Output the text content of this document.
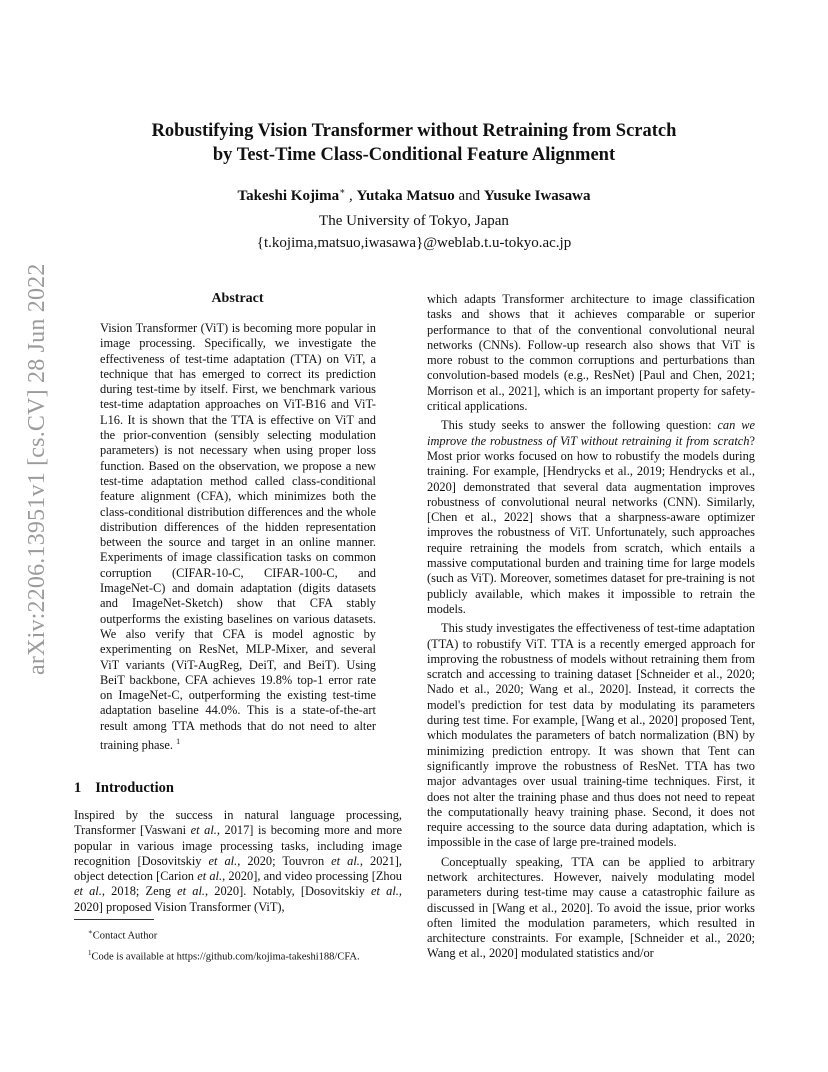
arXiv:2206.13951v1 [cs.CV] 28 Jun 2022
Robustifying Vision Transformer without Retraining from Scratch
by Test-Time Class-Conditional Feature Alignment
Takeshi Kojima∗ , Yutaka Matsuo and Yusuke Iwasawa
The University of Tokyo, Japan
{t.kojima,matsuo,iwasawa}@weblab.t.u-tokyo.ac.jp
Abstract

Vision Transformer (ViT) is becoming more popular in image processing. Specifically, we investigate the effectiveness of test-time adaptation (TTA) on ViT, a technique that has emerged to correct its prediction during test-time by itself. First, we benchmark various test-time adaptation approaches on ViT-B16 and ViT-L16. It is shown that the TTA is effective on ViT and the prior-convention (sensibly selecting modulation parameters) is not necessary when using proper loss function. Based on the observation, we propose a new test-time adaptation method called class-conditional feature alignment (CFA), which minimizes both the class-conditional distribution differences and the whole distribution differences of the hidden representation between the source and target in an online manner. Experiments of image classification tasks on common corruption (CIFAR-10-C, CIFAR-100-C, and ImageNet-C) and domain adaptation (digits datasets and ImageNet-Sketch) show that CFA stably outperforms the existing baselines on various datasets. We also verify that CFA is model agnostic by experimenting on ResNet, MLP-Mixer, and several ViT variants (ViT-AugReg, DeiT, and BeiT). Using BeiT backbone, CFA achieves 19.8% top-1 error rate on ImageNet-C, outperforming the existing test-time adaptation baseline 44.0%. This is a state-of-the-art result among TTA methods that do not need to alter training phase. $^1$

1 Introduction

Inspired by the success in natural language processing, Transformer [Vaswani et al., 2017] is becoming more and more popular in various image processing tasks, including image recognition [Dosovitskiy et al., 2020; Touvron et al., 2021], object detection [Carion et al., 2020], and video processing [Zhou et al., 2018; Zeng et al., 2020]. Notably, [Dosovitskiy et al., 2020] proposed Vision Transformer (ViT),

∗Contact Author
$^1$Code is available at https://github.com/kojima-takeshi188/CFA.

which adapts Transformer architecture to image classification tasks and shows that it achieves comparable or superior performance to that of the conventional convolutional neural networks (CNNs). Follow-up research also shows that ViT is more robust to the common corruptions and perturbations than convolution-based models (e.g., ResNet) [Paul and Chen, 2021; Morrison et al., 2021], which is an important property for safety-critical applications.

This study seeks to answer the following question: can we improve the robustness of ViT without retraining it from scratch? Most prior works focused on how to robustify the models during training. For example, [Hendrycks et al., 2019; Hendrycks et al., 2020] demonstrated that several data augmentation improves robustness of convolutional neural networks (CNN). Similarly, [Chen et al., 2022] shows that a sharpness-aware optimizer improves the robustness of ViT. Unfortunately, such approaches require retraining the models from scratch, which entails a massive computational burden and training time for large models (such as ViT). Moreover, sometimes dataset for pre-training is not publicly available, which makes it impossible to retrain the models.

This study investigates the effectiveness of test-time adaptation (TTA) to robustify ViT. TTA is a recently emerged approach for improving the robustness of models without retraining them from scratch and accessing to training dataset [Schneider et al., 2020; Nado et al., 2020; Wang et al., 2020]. Instead, it corrects the model's prediction for test data by modulating its parameters during test time. For example, [Wang et al., 2020] proposed Tent, which modulates the parameters of batch normalization (BN) by minimizing prediction entropy. It was shown that Tent can significantly improve the robustness of ResNet. TTA has two major advantages over usual training-time techniques. First, it does not alter the training phase and thus does not need to repeat the computationally heavy training phase. Second, it does not require accessing to the source data during adaptation, which is impossible in the case of large pre-trained models.

Conceptually speaking, TTA can be applied to arbitrary network architectures. However, naively modulating model parameters during test-time may cause a catastrophic failure as discussed in [Wang et al., 2020]. To avoid the issue, prior works often limited the modulation parameters, which resulted in architecture constraints. For example, [Schneider et al., 2020; Wang et al., 2020] modulated statistics and/or
